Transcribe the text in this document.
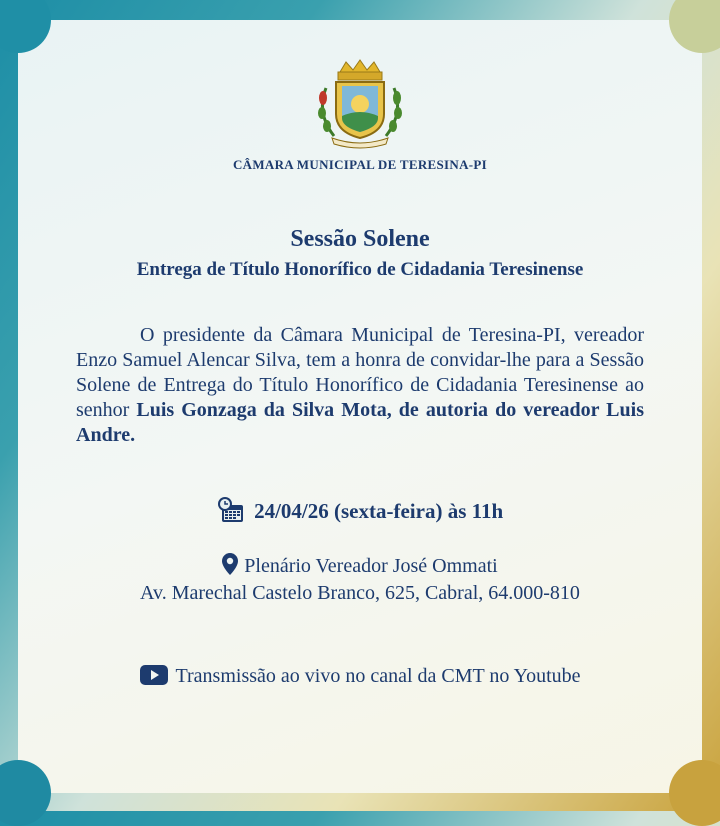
CÂMARA MUNICIPAL DE TERESINA-PI
Sessão Solene
Entrega de Título Honorífico de Cidadania Teresinense
O presidente da Câmara Municipal de Teresina-PI, vereador Enzo Samuel Alencar Silva, tem a honra de convidar-lhe para a Sessão Solene de Entrega do Título Honorífico de Cidadania Teresinense ao senhor Luis Gonzaga da Silva Mota, de autoria do vereador Luis Andre.
24/04/26 (sexta-feira) às 11h
Plenário Vereador José Ommati
Av. Marechal Castelo Branco, 625, Cabral, 64.000-810
Transmissão ao vivo no canal da CMT no Youtube
